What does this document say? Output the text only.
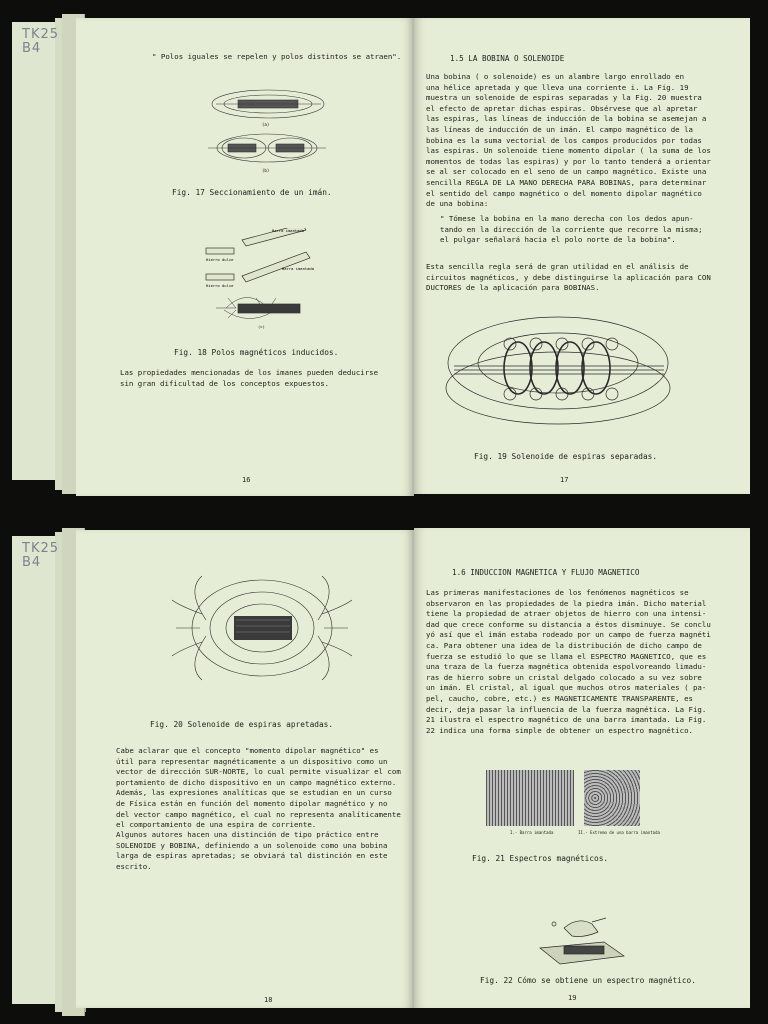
TK25
B4
" Polos iguales se repelen y polos distintos se atraen".
(a)
(b)
Fig. 17 Seccionamiento de un imán.
Barra imantada
Hierro dulce
Hierro dulce
Barra imantada
(c)
Fig. 18 Polos magnéticos inducidos.
Las propiedades mencionadas de los imanes pueden deducirse
sin gran dificultad de los conceptos expuestos.
16
1.5 LA BOBINA O SOLENOIDE
Una bobina ( o solenoide) es un alambre largo enrollado en
una hélice apretada y que lleva una corriente i. La Fig. 19
muestra un solenoide de espiras separadas y la Fig. 20 muestra
el efecto de apretar dichas espiras. Obsérvese que al apretar
las espiras, las líneas de inducción de la bobina se asemejan a
las líneas de inducción de un imán. El campo magnético de la
bobina es la suma vectorial de los campos producidos por todas
las espiras. Un solenoide tiene momento dipolar ( la suma de los
momentos de todas las espiras) y por lo tanto tenderá a orientar
se al ser colocado en el seno de un campo magnético. Existe una
sencilla REGLA DE LA MANO DERECHA PARA BOBINAS, para determinar
el sentido del campo magnético o del momento dipolar magnético
de una bobina:
" Tómese la bobina en la mano derecha con los dedos apun-
tando en la dirección de la corriente que recorre la misma;
el pulgar señalará hacia el polo norte de la bobina".
Esta sencilla regla será de gran utilidad en el análisis de
circuitos magnéticos, y debe distinguirse la aplicación para CON
DUCTORES de la aplicación para BOBINAS.
Fig. 19 Solenoide de espiras separadas.
17
TK25
B4
Fig. 20 Solenoide de espiras apretadas.
Cabe aclarar que el concepto "momento dipolar magnético" es
útil para representar magnéticamente a un dispositivo como un
vector de dirección SUR-NORTE, lo cual permite visualizar el com
portamiento de dicho dispositivo en un campo magnético externo.
Además, las expresiones analíticas que se estudian en un curso
de Física están en función del momento dipolar magnético y no
del vector campo magnético, el cual no representa analíticamente
el comportamiento de una espira de corriente.
Algunos autores hacen una distinción de tipo práctico entre
SOLENOIDE y BOBINA, definiendo a un solenoide como una bobina
larga de espiras apretadas; se obviará tal distinción en este
escrito.
18
1.6 INDUCCION MAGNETICA Y FLUJO MAGNETICO
Las primeras manifestaciones de los fenómenos magnéticos se
observaron en las propiedades de la piedra imán. Dicho material
tiene la propiedad de atraer objetos de hierro con una intensi-
dad que crece conforme su distancia a éstos disminuye. Se conclu
yó así que el imán estaba rodeado por un campo de fuerza magnéti
ca. Para obtener una idea de la distribución de dicho campo de
fuerza se estudió lo que se llama el ESPECTRO MAGNETICO, que es
una traza de la fuerza magnética obtenida espolvoreando limadu-
ras de hierro sobre un cristal delgado colocado a su vez sobre
un imán. El cristal, al igual que muchos otros materiales ( pa-
pel, caucho, cobre, etc.) es MAGNETICAMENTE TRANSPARENTE, es
decir, deja pasar la influencia de la fuerza magnética. La Fig.
21 ilustra el espectro magnético de una barra imantada. La Fig.
22 indica una forma simple de obtener un espectro magnético.
I.- Barra imantada	II.- Extremo de una barra imantada
Fig. 21 Espectros magnéticos.
Fig. 22 Cómo se obtiene un espectro magnético.
19
